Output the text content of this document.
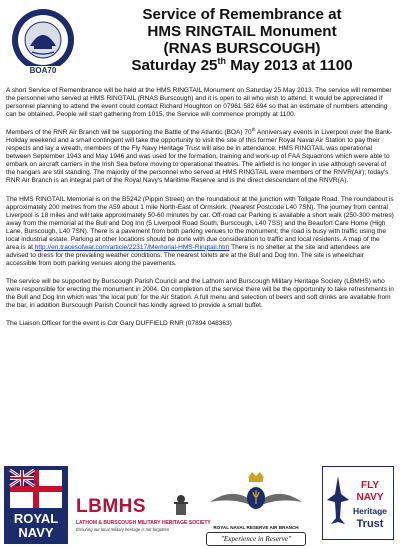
BOA70
Service of Remembrance at
HMS RINGTAIL Monument
(RNAS BURSCOUGH)
Saturday 25th May 2013 at 1100

A short Service of Remembrance will be held at the HMS RINGTAIL Monument on Saturday 25 May 2013. The service will remember the personnel who served at HMS RINGTAIL (RNAS Burscough) and it is open to all who wish to attend. It would be appreciated if personnel planning to attend the event could contact Richard Houghton on 07961 582 694 so that an estimate of numbers attending can be obtained. People will start gathering from 1015, the Service will commence promptly at 1100.

Members of the RNR Air Branch will be supporting the Battle of the Atlantic (BOA) 70th Anniversary events in Liverpool over the Bank-Holiday weekend and a small contingent will take the opportunity to visit the site of this former Royal Naval Air Station to pay their respects and lay a wreath, members of the Fly Navy Heritage Trust will also be in attendance. HMS RINGTAIL was operational between September 1943 and May 1946 and was used for the formation, training and work-up of FAA Squadrons which were able to embark on aircraft carriers in the Irish Sea before moving to operational theatres. The airfield is no longer in use although several of the hangars are still standing. The majority of the personnel who served at HMS RINGTAIL were members of the RNVR(Air); today's RNR Air Branch is an integral part of the Royal Navy's Maritime Reserve and is the direct descendant of the RNVR(A).

The HMS RINGTAIL Memorial is on the B5242 (Pippin Street) on the roundabout at the junction with Tollgate Road. The roundabout is approximately 200 metres from the A59 about 1 mile North-East of Ormskirk. (Nearest Postcode L40 7SN). The journey from central Liverpool is 18 miles and will take approximately 50-60 minutes by car. Off-road car Parking is available a short walk (250-300 metres) away from the memorial at the Bull and Dog Inn (5 Liverpool Road South, Burscough, L40 7SS) and the Beaufort Care Home (High Lane, Burscough, L40 7SN). There is a pavement from both parking venues to the monument; the road is busy with traffic using the local industrial estate. Parking at other locations should be done with due consideration to traffic and local residents. A map of the area is at http://en.tracesofwar.com/article/22317/Memorial-HMS-Ringtail.htm There is no shelter at the site and attendees are advised to dress for the prevailing weather conditions. The nearest toilets are at the Bull and Dog Inn. The site is wheelchair accessible from both parking venues along the pavements.

The service will be supported by Burscough Parish Council and the Lathom and Burscough Military Heritage Society (LBMHS) who were responsible for erecting the monument in 2004. On completion of the service there will be the opportunity to take refreshments in the Bull and Dog Inn which was 'the local pub' for the Air Station. A full menu and selection of beers and soft drinks are available from the bar, in addition Burscough Parish Council has kindly agreed to provide a small buffet.

The Liaison Officer for the event is Cdr Gary DUFFIELD RNR (07894 048363)

ROYAL
NAVY
LBMHS
LATHOM & BURSCOUGH MILITARY HERITAGE SOCIETY
Ensuring our local military heritage is not forgotten	ROYAL NAVAL RESERVE AIR BRANCH
"Experience in Reserve"
FLY
NAVY
Heritage
Trust
